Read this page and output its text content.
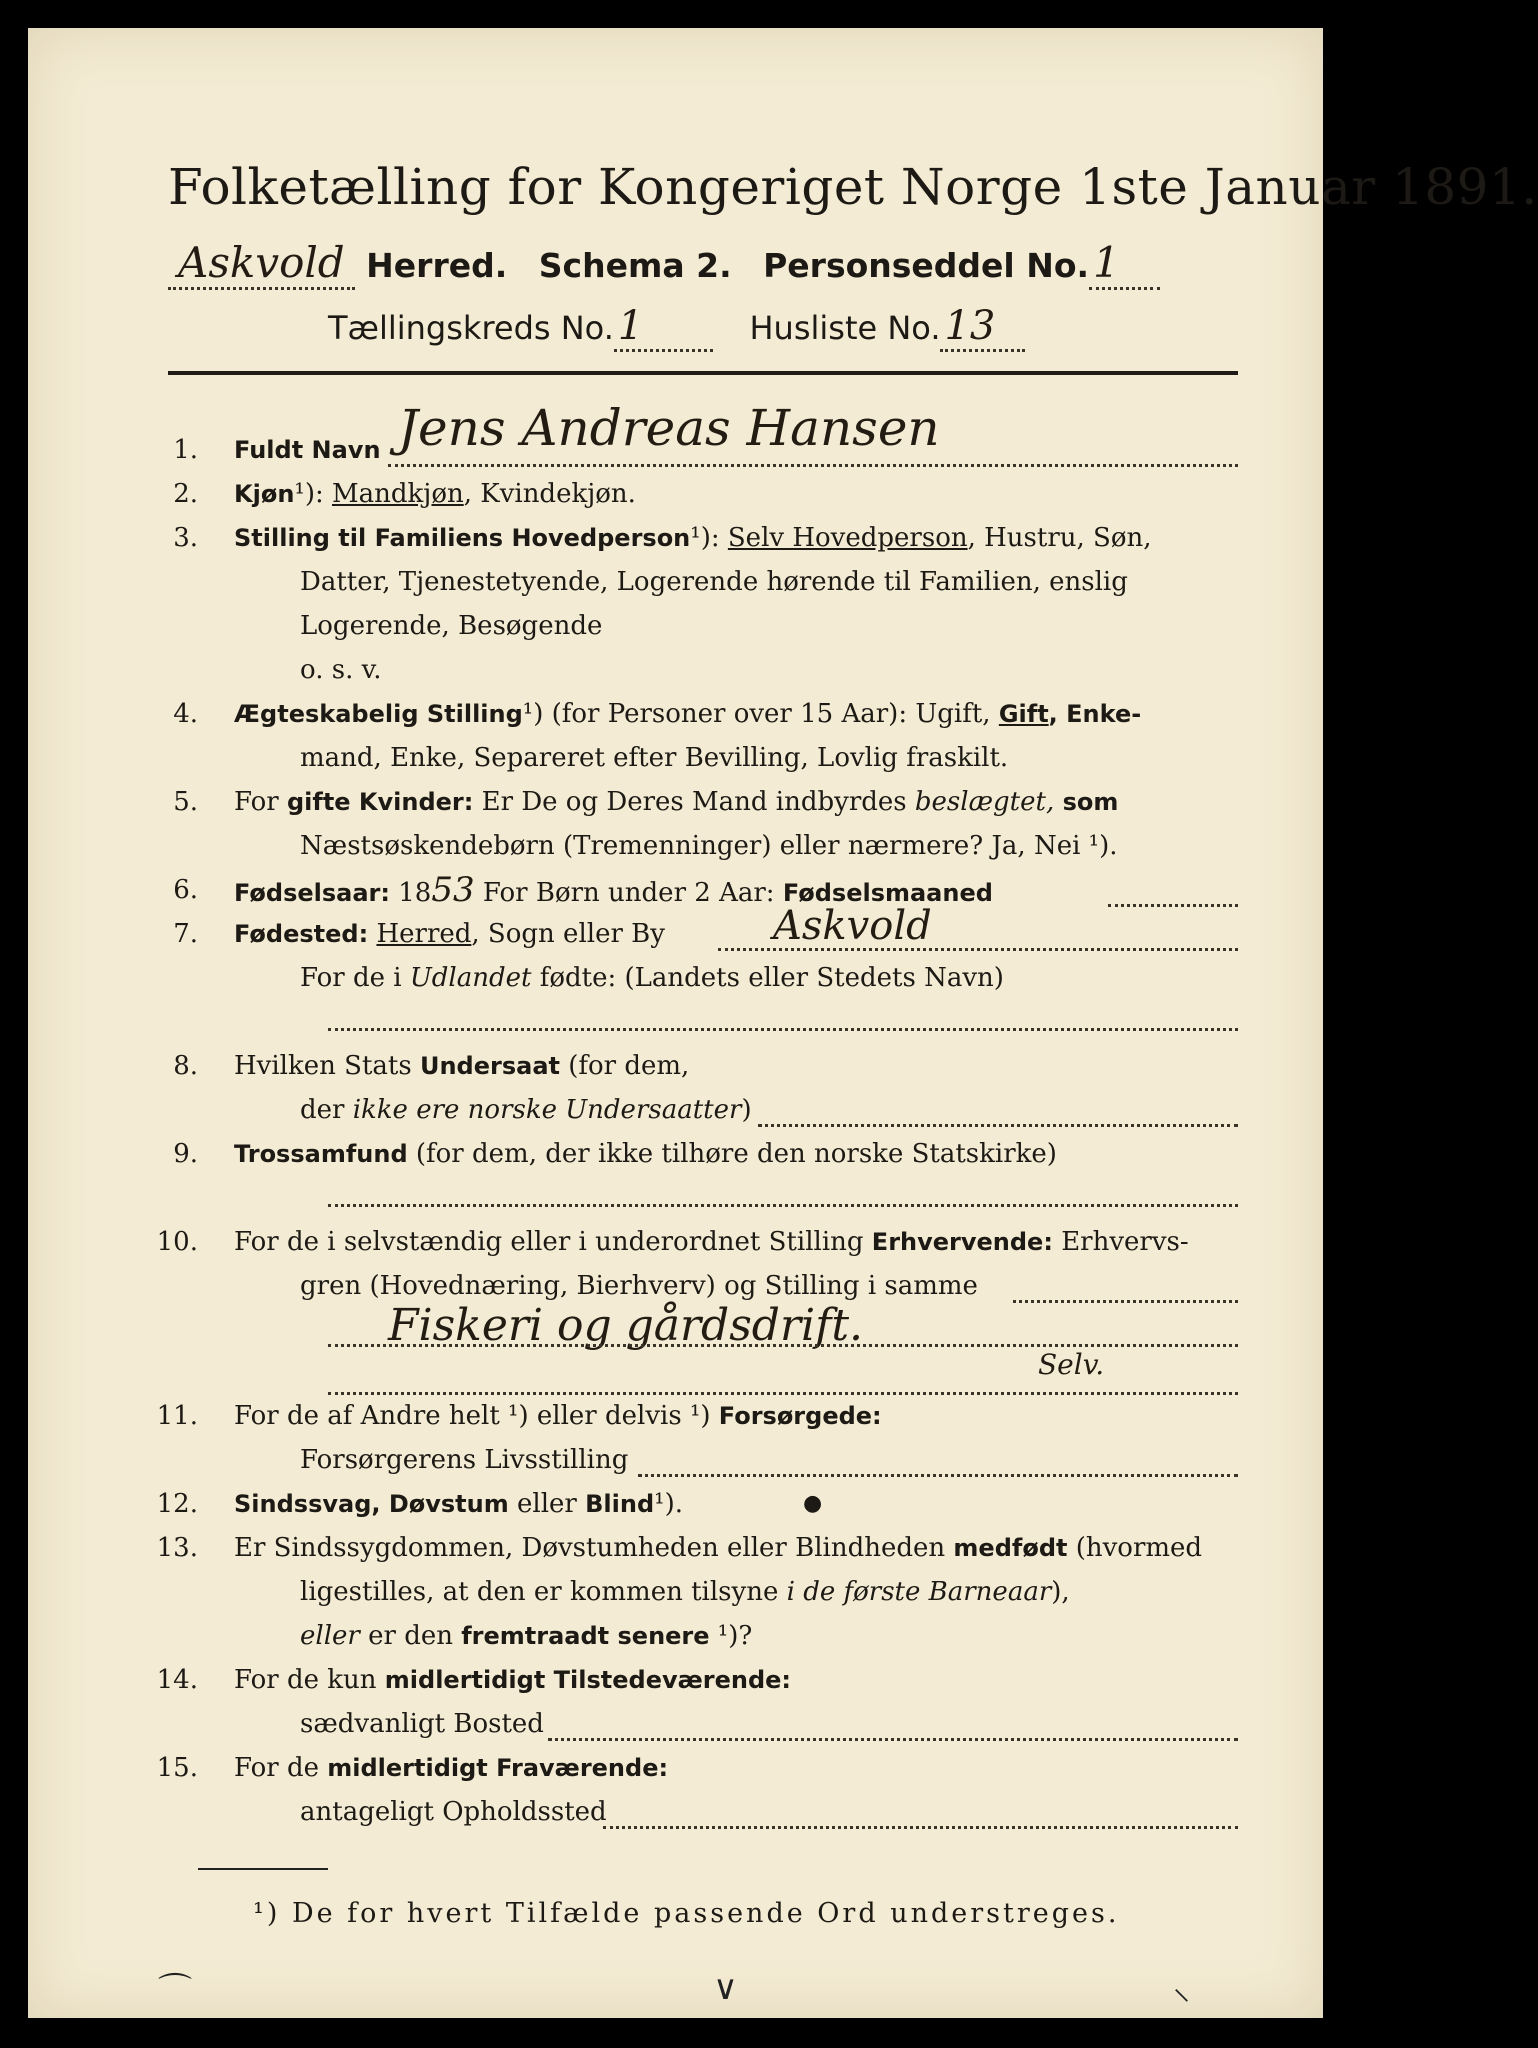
Folketælling for Kongeriget Norge 1ste Januar 1891.
Askvold Herred. Schema 2. Personseddel No.1
Tællingskreds No. 1	Husliste No. 13
1. Fuldt Navn Jens Andreas Hansen
2. Kjøn¹): Mandkjøn, Kvindekjøn.
3. Stilling til Familiens Hovedperson¹): Selv Hovedperson, Hustru, Søn,
Datter, Tjenestetyende, Logerende hørende til Familien, enslig
Logerende, Besøgende
o. s. v.
4. Ægteskabelig Stilling¹) (for Personer over 15 Aar): Ugift, Gift, Enke-
mand, Enke, Separeret efter Bevilling, Lovlig fraskilt.
5. For gifte Kvinder: Er De og Deres Mand indbyrdes beslægtet, som
Næstsøskendebørn (Tremenninger) eller nærmere? Ja, Nei ¹).
6. Fødselsaar: 1853 For Børn under 2 Aar: Fødselsmaaned
7. Fødested: Herred, Sogn eller By	Askvold
For de i Udlandet fødte: (Landets eller Stedets Navn)
8. Hvilken Stats Undersaat (for dem,
der ikke ere norske Undersaatter)
9. Trossamfund (for dem, der ikke tilhøre den norske Statskirke)
10. For de i selvstændig eller i underordnet Stilling Erhvervende: Erhvervs-
gren (Hovednæring, Bierhverv) og Stilling i samme
Fiskeri og gårdsdrift.
Selv.
11. For de af Andre helt ¹) eller delvis ¹) Forsørgede:
Forsørgerens Livsstilling
12. Sindssvag, Døvstum eller Blind¹).	●
13. Er Sindssygdommen, Døvstumheden eller Blindheden medfødt (hvormed
ligestilles, at den er kommen tilsyne i de første Barneaar),
eller er den fremtraadt senere ¹)?
14. For de kun midlertidigt Tilstedeværende:
sædvanligt Bosted
15. For de midlertidigt Fraværende:
antageligt Opholdssted
¹) De for hvert Tilfælde passende Ord understreges.
⌒	∨	⸜
